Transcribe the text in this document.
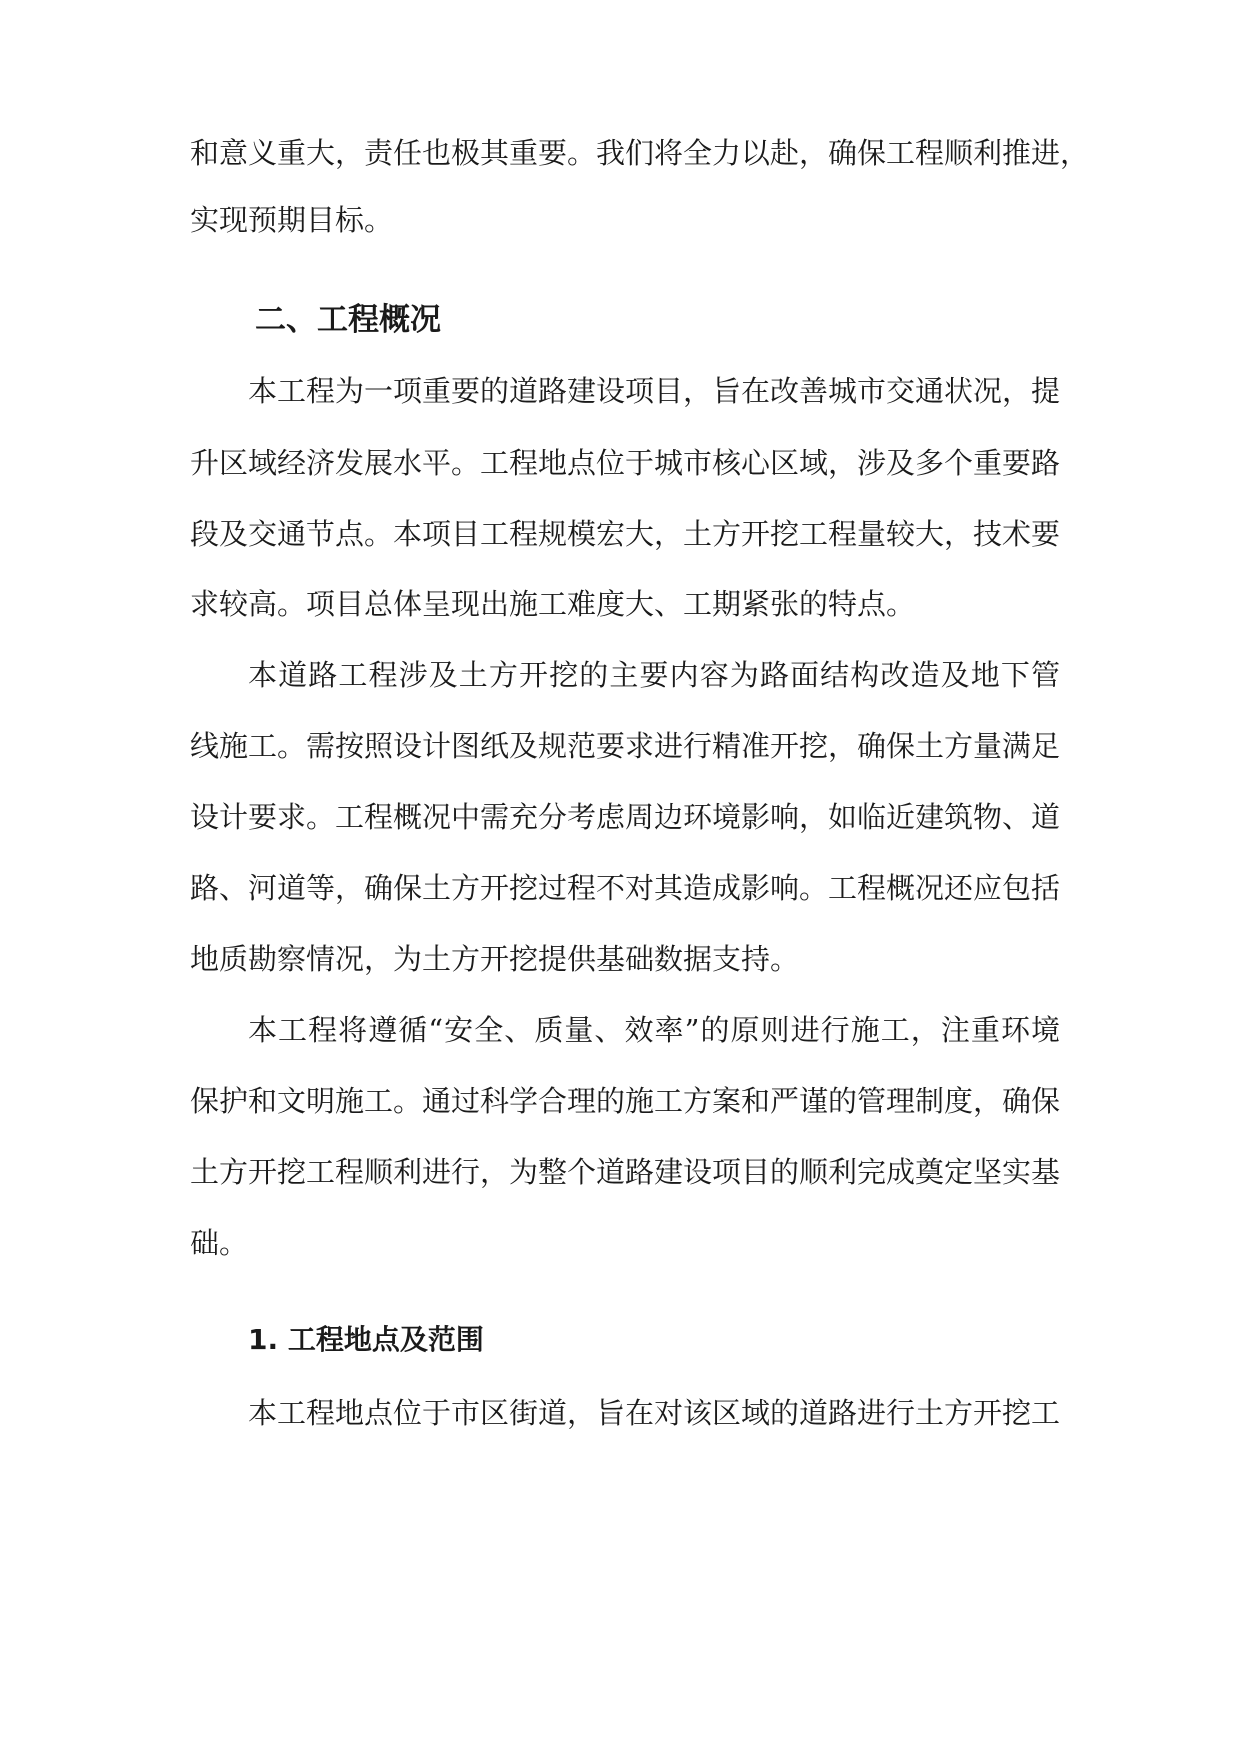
和意义重大，责任也极其重要。我们将全力以赴，确保工程顺利推进，
实现预期目标。
二、工程概况
本工程为一项重要的道路建设项目，旨在改善城市交通状况，提
升区域经济发展水平。工程地点位于城市核心区域，涉及多个重要路
段及交通节点。本项目工程规模宏大，土方开挖工程量较大，技术要
求较高。项目总体呈现出施工难度大、工期紧张的特点。
本道路工程涉及土方开挖的主要内容为路面结构改造及地下管
线施工。需按照设计图纸及规范要求进行精准开挖，确保土方量满足
设计要求。工程概况中需充分考虑周边环境影响，如临近建筑物、道
路、河道等，确保土方开挖过程不对其造成影响。工程概况还应包括
地质勘察情况，为土方开挖提供基础数据支持。
本工程将遵循“安全、质量、效率”的原则进行施工，注重环境
保护和文明施工。通过科学合理的施工方案和严谨的管理制度，确保
土方开挖工程顺利进行，为整个道路建设项目的顺利完成奠定坚实基
础。
1. 工程地点及范围
本工程地点位于市区街道，旨在对该区域的道路进行土方开挖工
